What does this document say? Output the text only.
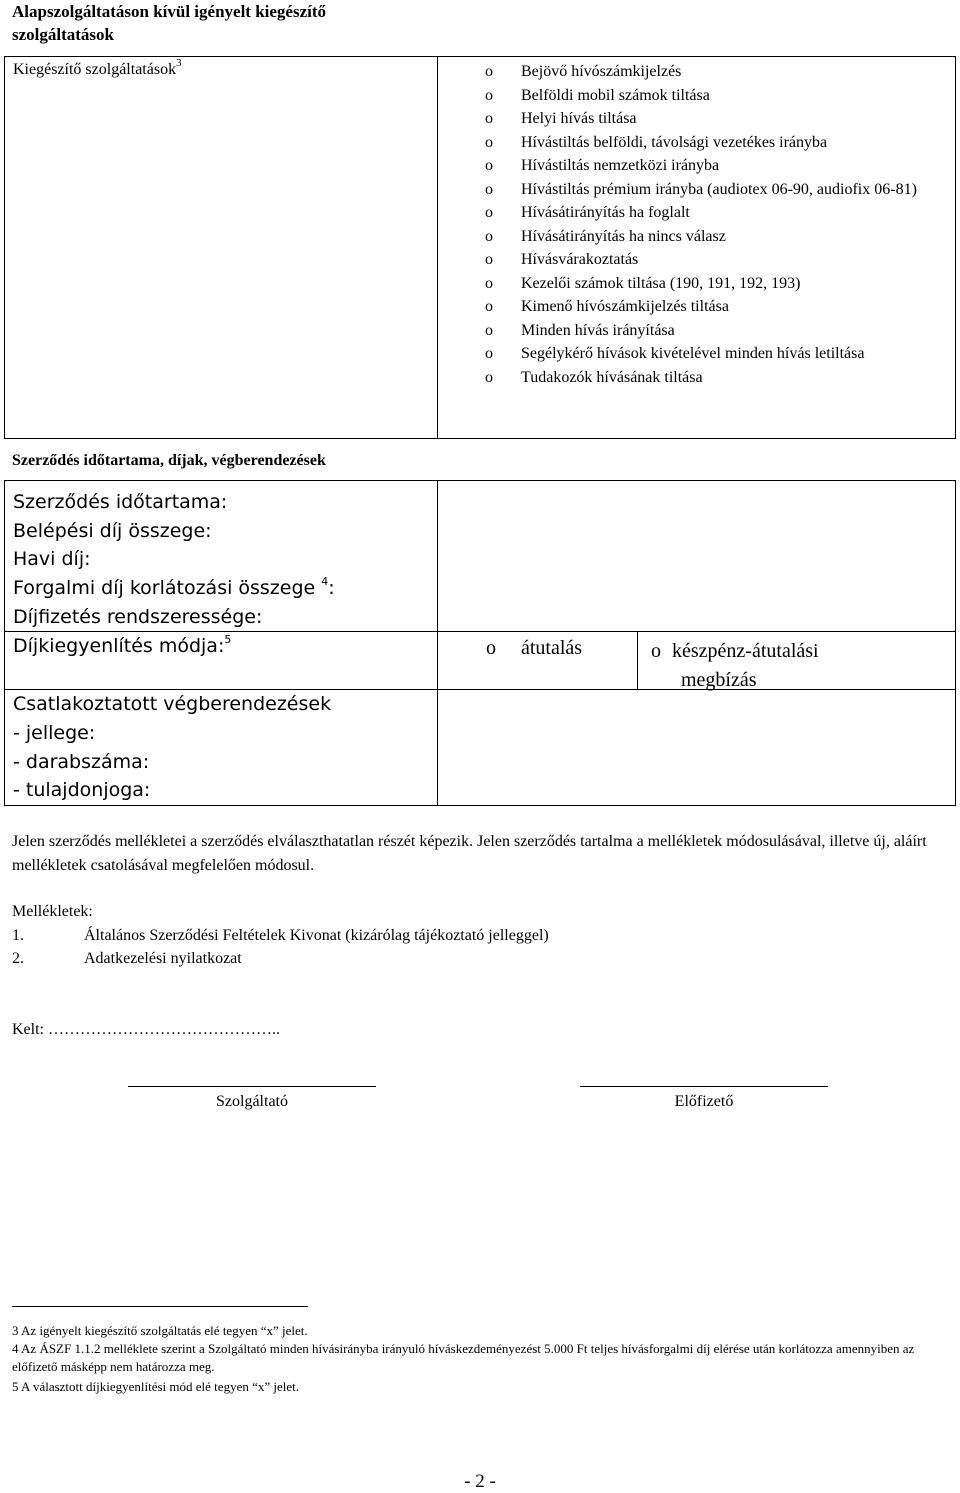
Alapszolgáltatáson kívül igényelt kiegészítő szolgáltatások
Kiegészítő szolgáltatások$^3$
o Bejövő hívószámkijelzés
o Belföldi mobil számok tiltása
o Helyi hívás tiltása
o Hívástiltás belföldi, távolsági vezetékes irányba
o Hívástiltás nemzetközi irányba
o Hívástiltás prémium irányba (audiotex 06-90, audiofix 06-81)
o Hívásátirányítás ha foglalt
o Hívásátirányítás ha nincs válasz
o Hívásvárakoztatás
o Kezelői számok tiltása (190, 191, 192, 193)
o Kimenő hívószámkijelzés tiltása
o Minden hívás irányítása
o Segélykérő hívások kivételével minden hívás letiltása
o Tudakozók hívásának tiltása
Szerződés időtartama, díjak, végberendezések
Szerződés időtartama:
Belépési díj összege:
Havi díj:
Forgalmi díj korlátozási összege $^4$:
Díjfizetés rendszeressége:
Díjkiegyenlítés módja:$^5$	o átutalás	o készpénz-átutalási
megbízás
Csatlakoztatott végberendezések
- jellege:
- darabszáma:
- tulajdonjoga:
Jelen szerződés mellékletei a szerződés elválaszthatatlan részét képezik. Jelen szerződés tartalma a mellékletek módosulásával, illetve új, aláírt mellékletek csatolásával megfelelően módosul.
Mellékletek:
1.	Általános Szerződési Feltételek Kivonat (kizárólag tájékoztató jelleggel)
2.	Adatkezelési nyilatkozat
Kelt: ……………………………………..
Szolgáltató	Előfizető
3 Az igényelt kiegészítő szolgáltatás elé tegyen “x” jelet.
4 Az ÁSZF 1.1.2 melléklete szerint a Szolgáltató minden hívásirányba irányuló híváskezdeményezést 5.000 Ft teljes hívásforgalmi díj elérése után korlátozza amennyiben az előfizető másképp nem határozza meg.
5 A választott díjkiegyenlítési mód elé tegyen “x” jelet.
- 2 -
